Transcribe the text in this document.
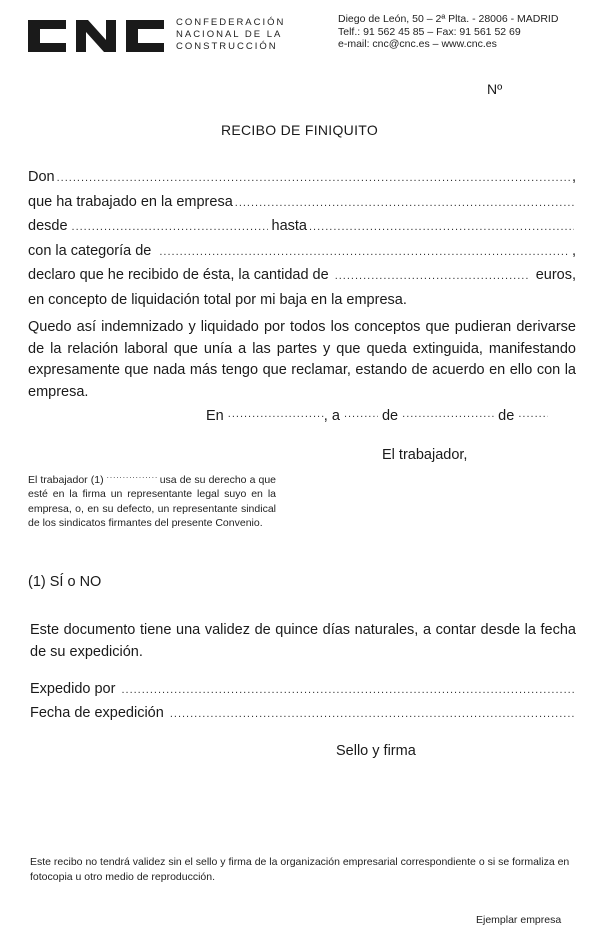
CONFEDERACIÓN
NACIONAL DE LA
CONSTRUCCIÓN
Diego de León, 50 – 2ª Plta. - 28006 - MADRID
Telf.: 91 562 45 85 – Fax: 91 561 52 69
e-mail: cnc@cnc.es – www.cnc.es
Nº
RECIBO DE FINIQUITO
Don .....	,
que ha trabajado en la empresa
.....
desde .....	hasta
.....
con la categoría de .....	,
declaro que he recibido de ésta, la cantidad de .....	euros,
en concepto de liquidación total por mi baja en la empresa.
Quedo así indemnizado y liquidado por todos los conceptos que pudieran derivarse de la relación laboral que unía a las partes y que queda extinguida, manifestando expresamente que nada más tengo que reclamar, estando de acuerdo en ello con la empresa.
En .....	, a .....	de .....	de .....
El trabajador,
El trabajador (1) .....	usa de su derecho a que esté en la firma un representante legal suyo en la empresa, o, en su defecto, un representante sindical de los sindicatos firmantes del presente Convenio.
(1) SÍ o NO
Este documento tiene una validez de quince días naturales, a contar desde la fecha de su expedición.
Expedido por
.....
Fecha de expedición
.....
Sello y firma
Este recibo no tendrá validez sin el sello y firma de la organización empresarial correspondiente o si se formaliza en fotocopia u otro medio de reproducción.
Ejemplar empresa
